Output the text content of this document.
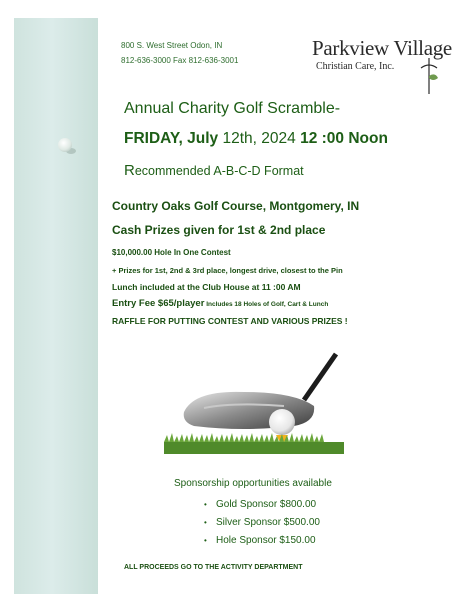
800 S. West Street Odon, IN
812-636-3000 Fax 812-636-3001
Parkview Village
Christian Care, Inc.
Annual Charity Golf Scramble-
FRIDAY, July 12th, 2024 12 :00 Noon
Recommended A-B-C-D Format
Country Oaks Golf Course, Montgomery, IN
Cash Prizes given for 1st & 2nd place
$10,000.00 Hole In One Contest
+ Prizes for 1st, 2nd & 3rd place, longest drive, closest to the Pin
Lunch included at the Club House at 11 :00 AM
Entry Fee $65/player Includes 18 Holes of Golf, Cart & Lunch
RAFFLE FOR PUTTING CONTEST AND VARIOUS PRIZES !
Sponsorship opportunities available
• Gold Sponsor $800.00
• Silver Sponsor $500.00
• Hole Sponsor $150.00
ALL PROCEEDS GO TO THE ACTIVITY DEPARTMENT
